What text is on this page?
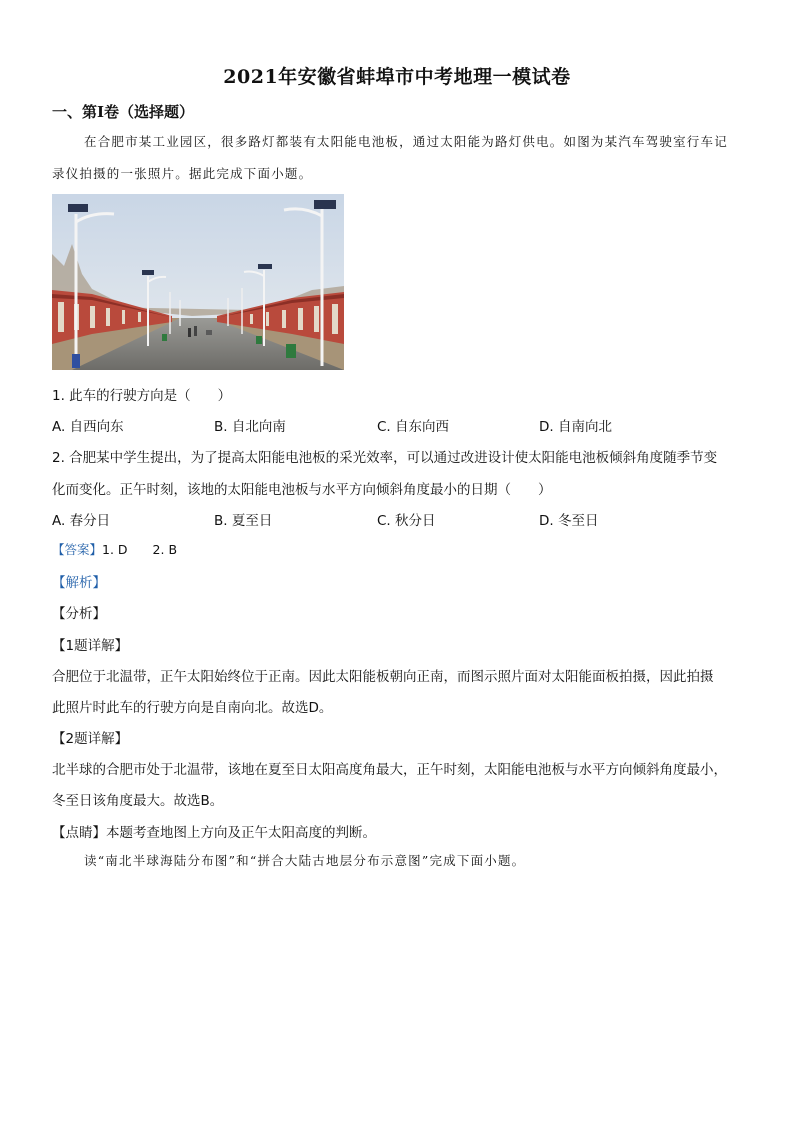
2021年安徽省蚌埠市中考地理一模试卷
一、第I卷（选择题）
在合肥市某工业园区，很多路灯都装有太阳能电池板，通过太阳能为路灯供电。如图为某汽车驾驶室行车记
录仪拍摄的一张照片。据此完成下面小题。
1. 此车的行驶方向是（　　）
A. 自西向东	B. 自北向南	C. 自东向西	D. 自南向北
2. 合肥某中学生提出，为了提高太阳能电池板的采光效率，可以通过改进设计使太阳能电池板倾斜角度随季节变
化而变化。正午时刻，该地的太阳能电池板与水平方向倾斜角度最小的日期（　　）
A. 春分日	B. 夏至日	C. 秋分日	D. 冬至日
【答案】1. D　　2. B
【解析】
【分析】
【1题详解】
合肥位于北温带，正午太阳始终位于正南。因此太阳能板朝向正南，而图示照片面对太阳能面板拍摄，因此拍摄
此照片时此车的行驶方向是自南向北。故选D。
【2题详解】
北半球的合肥市处于北温带，该地在夏至日太阳高度角最大，正午时刻，太阳能电池板与水平方向倾斜角度最小，
冬至日该角度最大。故选B。
【点睛】本题考查地图上方向及正午太阳高度的判断。
读“南北半球海陆分布图”和“拼合大陆古地层分布示意图”完成下面小题。
